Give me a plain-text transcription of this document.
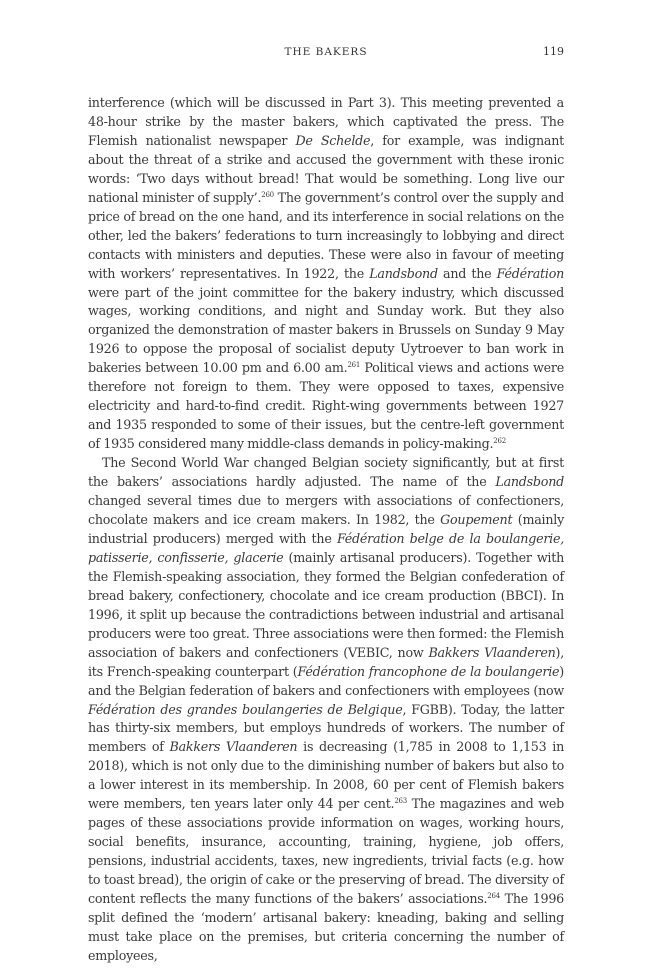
THE BAKERS	119

interference (which will be discussed in Part 3). This meeting prevented a 48-hour strike by the master bakers, which captivated the press. The Flemish nationalist newspaper De Schelde, for example, was indignant about the threat of a strike and accused the government with these ironic words: ‘Two days without bread! That would be something. Long live our national minister of supply’.$^{260}$ The government’s control over the supply and price of bread on the one hand, and its interference in social relations on the other, led the bakers’ federations to turn increasingly to lobbying and direct contacts with ministers and deputies. These were also in favour of meeting with workers’ representatives. In 1922, the Landsbond and the Fédération were part of the joint committee for the bakery industry, which discussed wages, working conditions, and night and Sunday work. But they also organized the demonstration of master bakers in Brussels on Sunday 9 May 1926 to oppose the proposal of socialist deputy Uytroever to ban work in bakeries between 10.00 pm and 6.00 am.$^{261}$ Political views and actions were therefore not foreign to them. They were opposed to taxes, expensive electricity and hard-to-find credit. Right-wing governments between 1927 and 1935 responded to some of their issues, but the centre-left government of 1935 considered many middle-class demands in policy-making.$^{262}$

The Second World War changed Belgian society significantly, but at first the bakers’ associations hardly adjusted. The name of the Landsbond changed several times due to mergers with associations of confectioners, chocolate makers and ice cream makers. In 1982, the Goupement (mainly industrial producers) merged with the Fédération belge de la boulangerie, patisserie, confisserie, glacerie (mainly artisanal producers). Together with the Flemish-speaking association, they formed the Belgian confederation of bread bakery, confectionery, chocolate and ice cream production (BBCI). In 1996, it split up because the contradictions between industrial and artisanal producers were too great. Three associations were then formed: the Flemish association of bakers and confectioners (VEBIC, now Bakkers Vlaanderen), its French-speaking counterpart (Fédération francophone de la boulangerie) and the Belgian federation of bakers and confectioners with employees (now Fédération des grandes boulangeries de Belgique, FGBB). Today, the latter has thirty-six members, but employs hundreds of workers. The number of members of Bakkers Vlaanderen is decreasing (1,785 in 2008 to 1,153 in 2018), which is not only due to the diminishing number of bakers but also to a lower interest in its membership. In 2008, 60 per cent of Flemish bakers were members, ten years later only 44 per cent.$^{263}$ The magazines and web pages of these associations provide information on wages, working hours, social benefits, insurance, accounting, training, hygiene, job offers, pensions, industrial accidents, taxes, new ingredients, trivial facts (e.g. how to toast bread), the origin of cake or the preserving of bread. The diversity of content reflects the many functions of the bakers’ associations.$^{264}$ The 1996 split defined the ‘modern’ artisanal bakery: kneading, baking and selling must take place on the premises, but criteria concerning the number of employees,
